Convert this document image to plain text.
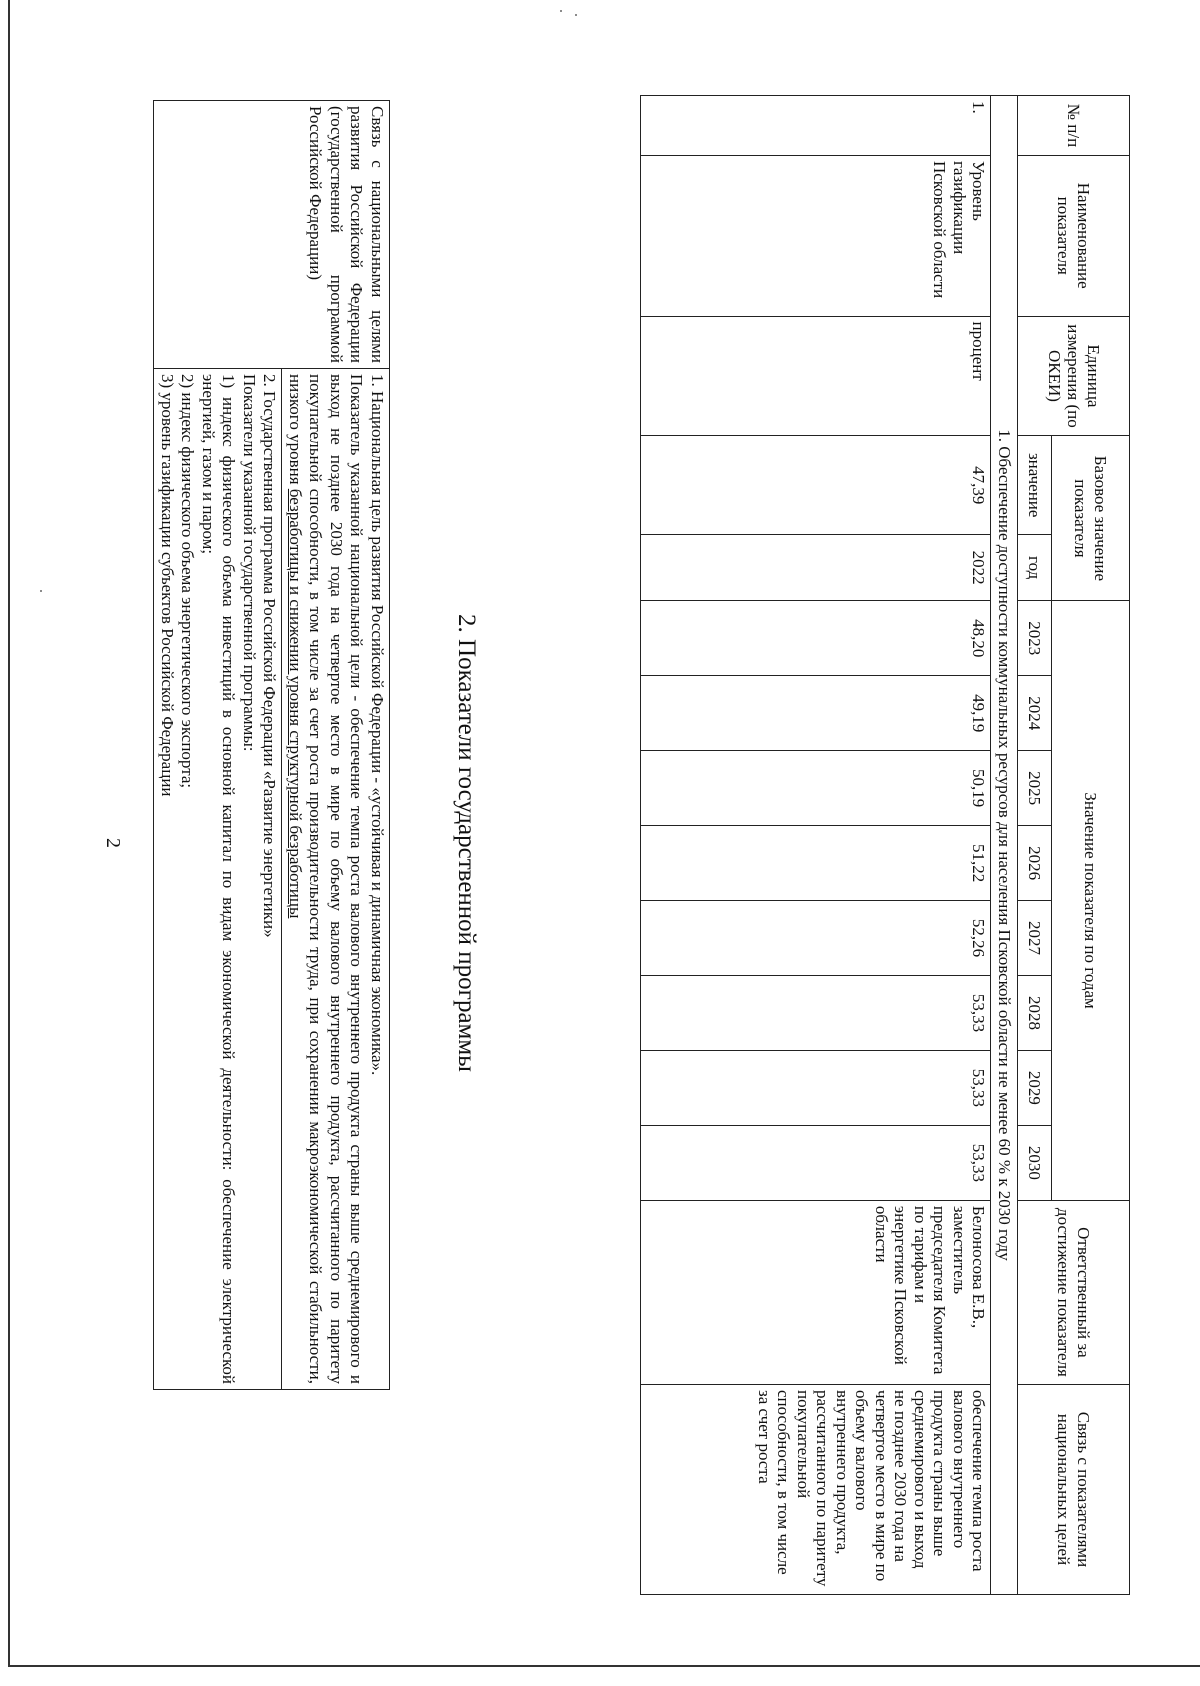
2
Связь с национальными целями развития Российской Федерации (государственной программой Российской Федерации)	
1. Национальная цель развития Российской Федерации - «устойчивая и динамичная экономика».
Показатель указанной национальной цели - обеспечение темпа роста валового внутреннего продукта страны выше среднемирового и выход не позднее 2030 года на четвертое место в мире по объему валового внутреннего продукта, рассчитанного по паритету покупательной способности, в том числе за счет роста производительности труда, при сохранении макроэкономической стабильности, низкого уровня безработицы и снижении уровня структурной безработицы

2. Государственная программа Российской Федерации «Развитие энергетики»
Показатели указанной государственной программы:
1) индекс физического объема инвестиций в основной капитал по видам экономической деятельности: обеспечение электрической энергией, газом и паром;
2) индекс физического объема энергетического экспорта;
3) уровень газификации субъектов Российской Федерации
2. Показатели государственной программы
№ п/п	Наименование показателя	Единица измерения (по ОКЕИ)	Базовое значение показателя		Значение показателя по годам								Ответственный за достижение показателя	Связь с показателями национальных целей

			значение	год	2023	2024	2025	2026	2027	2028	2029	2030		
1. Обеспечение доступности коммунальных ресурсов для населения Псковской области не менее 60 % к 2030 году														
1.	Уровень газификации Псковской области	процент	47,39	2022	48,20	49,19	50,19	51,22	52,26	53,33	53,33	53,33	Белоносова Е.В., заместитель председателя Комитета по тарифам и энергетике Псковской области	обеспечение темпа роста валового внутреннего продукта страны выше среднемирового и выход не позднее 2030 года на четвертое место в мире по объему валового внутреннего продукта, рассчитанного по паритету покупательной способности, в том числе за счет роста
